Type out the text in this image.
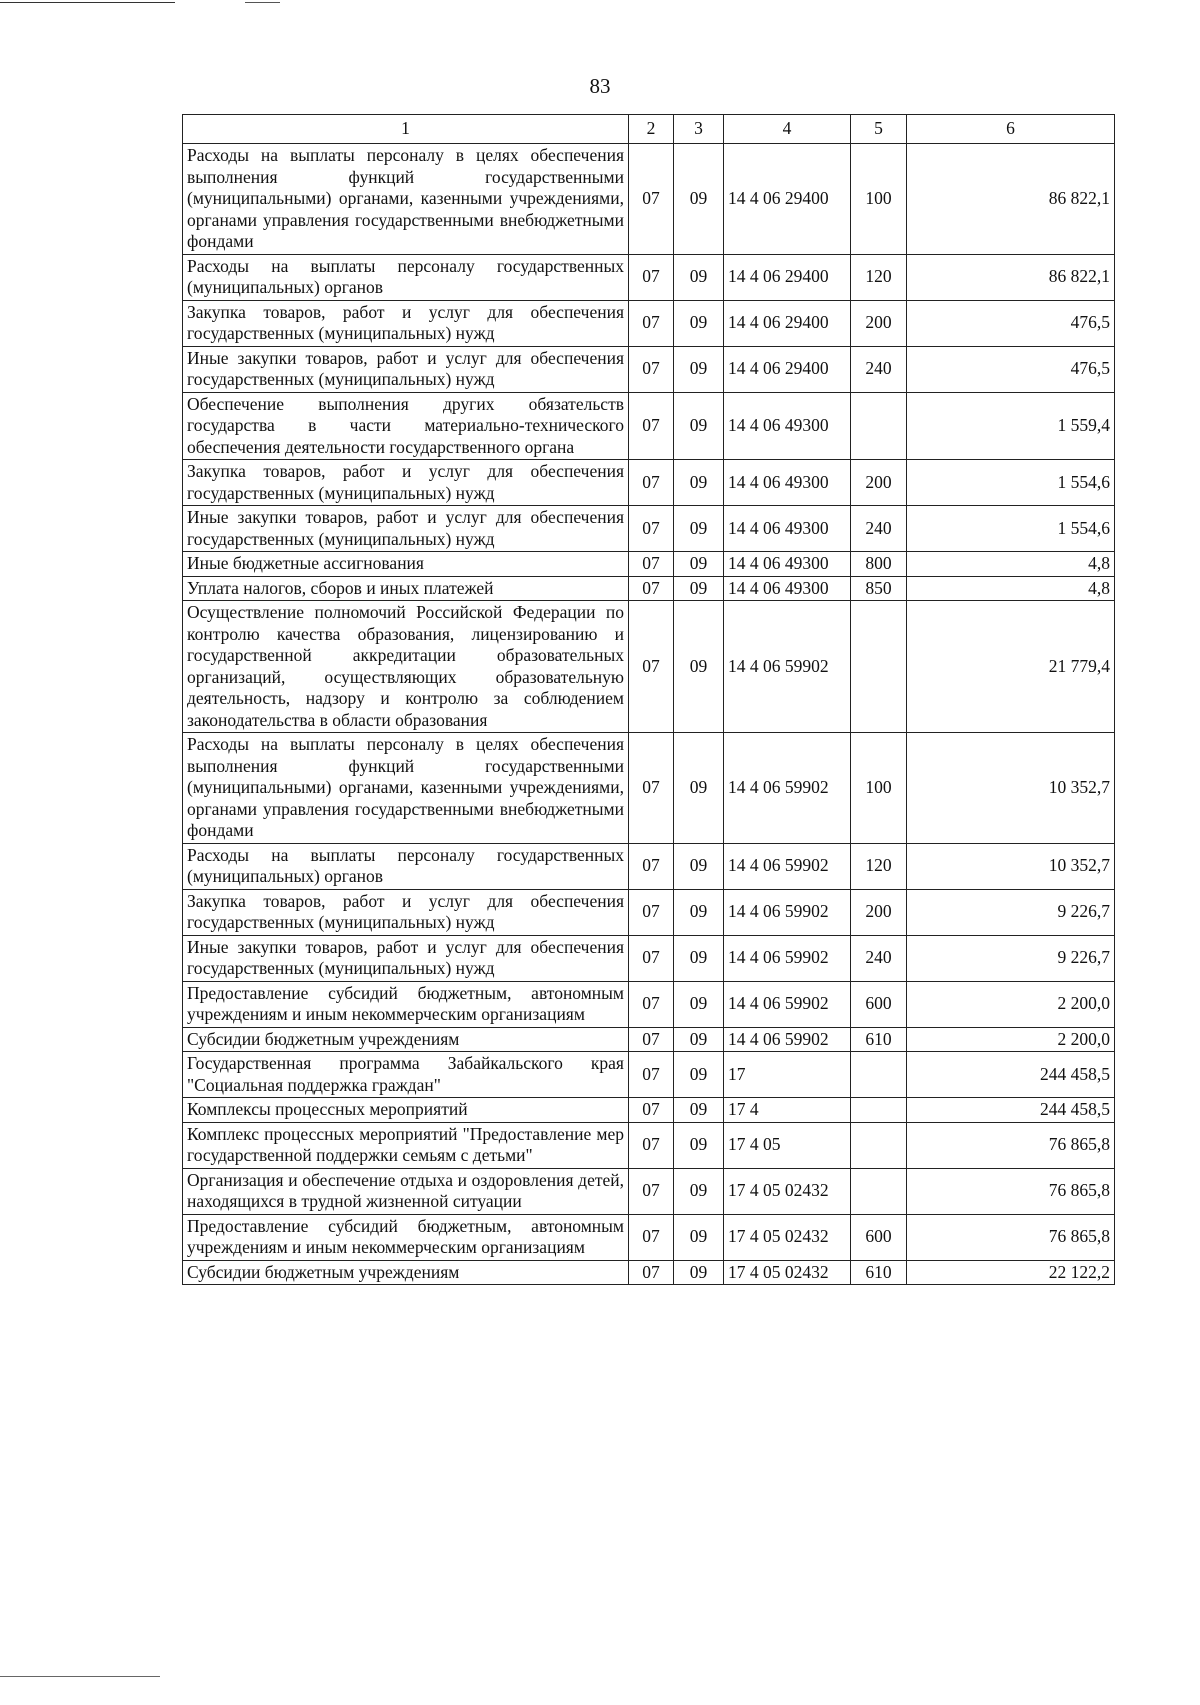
83
1	2	3	4	5	6
Расходы на выплаты персоналу в целях обеспечения выполнения функций государственными (муниципальными) органами, казенными учреждениями, органами управления государственными внебюджетными фондами	07	09	14 4 06 29400	100	86 822,1
Расходы на выплаты персоналу государственных (муниципальных) органов	07	09	14 4 06 29400	120	86 822,1
Закупка товаров, работ и услуг для обеспечения государственных (муниципальных) нужд	07	09	14 4 06 29400	200	476,5
Иные закупки товаров, работ и услуг для обеспечения государственных (муниципальных) нужд	07	09	14 4 06 29400	240	476,5
Обеспечение выполнения других обязательств государства в части материально-технического обеспечения деятельности государственного органа	07	09	14 4 06 49300		1 559,4
Закупка товаров, работ и услуг для обеспечения государственных (муниципальных) нужд	07	09	14 4 06 49300	200	1 554,6
Иные закупки товаров, работ и услуг для обеспечения государственных (муниципальных) нужд	07	09	14 4 06 49300	240	1 554,6
Иные бюджетные ассигнования	07	09	14 4 06 49300	800	4,8
Уплата налогов, сборов и иных платежей	07	09	14 4 06 49300	850	4,8
Осуществление полномочий Российской Федерации по контролю качества образования, лицензированию и государственной аккредитации образовательных организаций, осуществляющих образовательную деятельность, надзору и контролю за соблюдением законодательства в области образования	07	09	14 4 06 59902		21 779,4
Расходы на выплаты персоналу в целях обеспечения выполнения функций государственными (муниципальными) органами, казенными учреждениями, органами управления государственными внебюджетными фондами	07	09	14 4 06 59902	100	10 352,7
Расходы на выплаты персоналу государственных (муниципальных) органов	07	09	14 4 06 59902	120	10 352,7
Закупка товаров, работ и услуг для обеспечения государственных (муниципальных) нужд	07	09	14 4 06 59902	200	9 226,7
Иные закупки товаров, работ и услуг для обеспечения государственных (муниципальных) нужд	07	09	14 4 06 59902	240	9 226,7
Предоставление субсидий бюджетным, автономным учреждениям и иным некоммерческим организациям	07	09	14 4 06 59902	600	2 200,0
Субсидии бюджетным учреждениям	07	09	14 4 06 59902	610	2 200,0
Государственная программа Забайкальского края "Социальная поддержка граждан"	07	09	17		244 458,5
Комплексы процессных мероприятий	07	09	17 4		244 458,5
Комплекс процессных мероприятий "Предоставление мер государственной поддержки семьям с детьми"	07	09	17 4 05		76 865,8
Организация и обеспечение отдыха и оздоровления детей, находящихся в трудной жизненной ситуации	07	09	17 4 05 02432		76 865,8
Предоставление субсидий бюджетным, автономным учреждениям и иным некоммерческим организациям	07	09	17 4 05 02432	600	76 865,8
Субсидии бюджетным учреждениям	07	09	17 4 05 02432	610	22 122,2
